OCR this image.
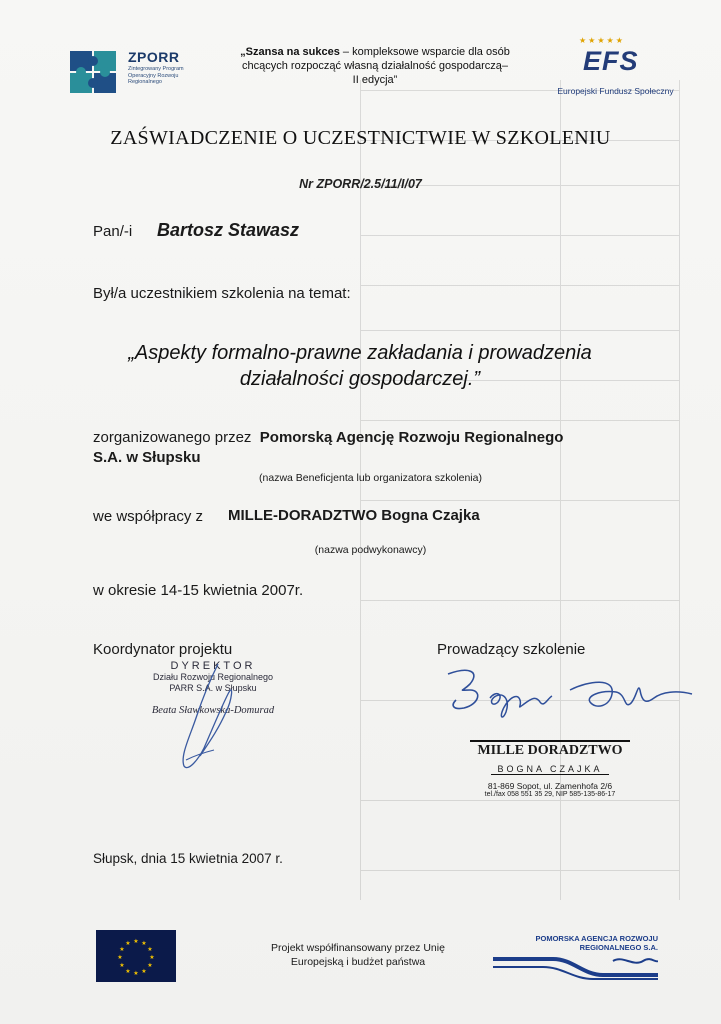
ZPORR
Zintegrowany Program Operacyjny Rozwoju Regionalnego
„Szansa na sukces – kompleksowe wsparcie dla osób
chcących rozpocząć własną działalność gospodarczą–
II edycja”
★★★★★
EFS
Europejski Fundusz Społeczny
ZAŚWIADCZENIE O UCZESTNICTWIE W SZKOLENIU
Nr ZPORR/2.5/11/I/07
Pan/-i Bartosz Stawasz
Był/a uczestnikiem szkolenia na temat:
„Aspekty formalno-prawne zakładania i prowadzenia
działalności gospodarczej.”
zorganizowanego przez Pomorską Agencję Rozwoju Regionalnego
S.A. w Słupsku
(nazwa Beneficjenta lub organizatora szkolenia)
we współpracy z MILLE-DORADZTWO Bogna Czajka
(nazwa podwykonawcy)
w okresie 14-15 kwietnia 2007r.
Koordynator projektu	Prowadzący szkolenie
DYREKTOR
Działu Rozwoju Regionalnego
PARR S.A. w Słupsku
Beata Sławkowska-Domurad
MILLE DORADZTWO
BOGNA CZAJKA
81-869 Sopot, ul. Zamenhofa 2/6
tel./fax 058 551 35 29, NIP 585-135-86-17
Słupsk, dnia 15 kwietnia 2007 r.
★ ★
★
★
★
★
★
★
★
★
★
★	Projekt współfinansowany przez Unię
Europejską i budżet państwa
POMORSKA AGENCJA ROZWOJU
REGIONALNEGO S.A.
